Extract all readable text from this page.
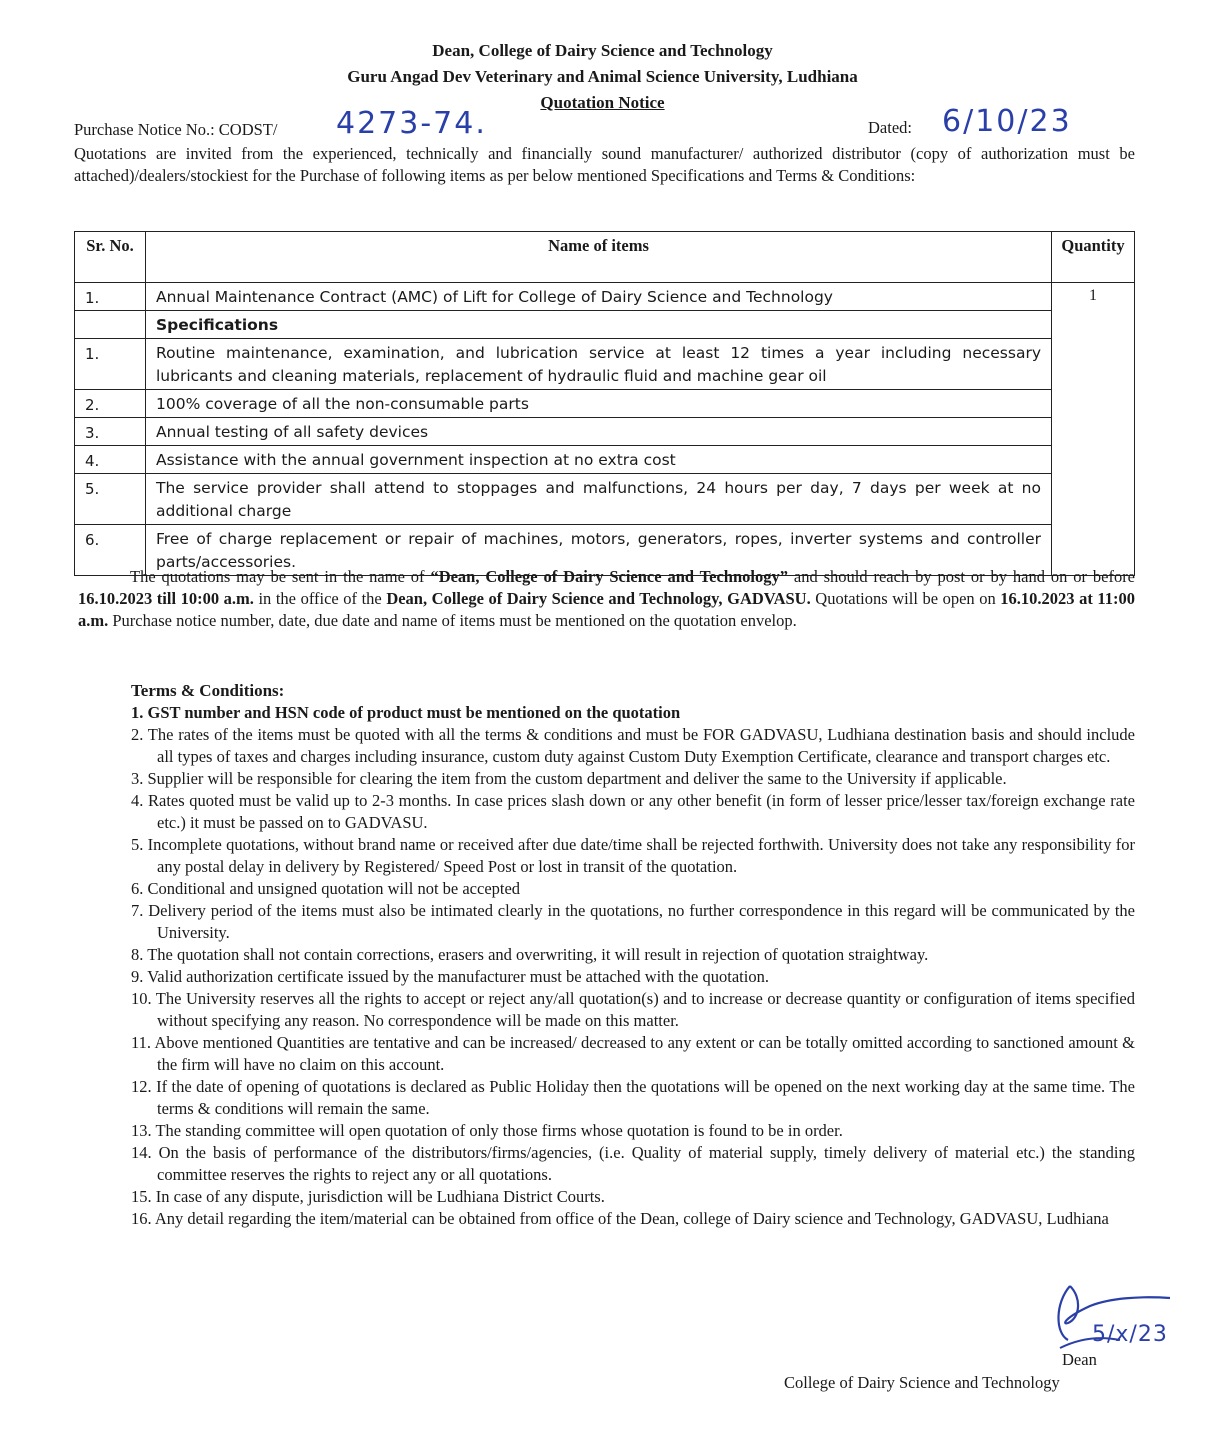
Dean, College of Dairy Science and Technology
Guru Angad Dev Veterinary and Animal Science University, Ludhiana
Quotation Notice
Purchase Notice No.: CODST/ 4273-74.	Dated: 6/10/23
Quotations are invited from the experienced, technically and financially sound manufacturer/ authorized distributor (copy of authorization must be attached)/dealers/stockiest for the Purchase of following items as per below mentioned Specifications and Terms & Conditions:
Sr. No.	Name of items	Quantity
1.	Annual Maintenance Contract (AMC) of Lift for College of Dairy Science and Technology	1
	Specifications	
1.	Routine maintenance, examination, and lubrication service at least 12 times a year including necessary lubricants and cleaning materials, replacement of hydraulic fluid and machine gear oil	
2.	100% coverage of all the non-consumable parts	
3.	Annual testing of all safety devices	
4.	Assistance with the annual government inspection at no extra cost	
5.	The service provider shall attend to stoppages and malfunctions, 24 hours per day, 7 days per week at no additional charge	
6.	Free of charge replacement or repair of machines, motors, generators, ropes, inverter systems and controller parts/accessories.	
The quotations may be sent in the name of “Dean, College of Dairy Science and Technology” and should reach by post or by hand on or before 16.10.2023 till 10:00 a.m. in the office of the Dean, College of Dairy Science and Technology, GADVASU. Quotations will be open on 16.10.2023 at 11:00 a.m. Purchase notice number, date, due date and name of items must be mentioned on the quotation envelop.
Terms & Conditions:
1. GST number and HSN code of product must be mentioned on the quotation
2. The rates of the items must be quoted with all the terms & conditions and must be FOR GADVASU, Ludhiana destination basis and should include all types of taxes and charges including insurance, custom duty against Custom Duty Exemption Certificate, clearance and transport charges etc.
3. Supplier will be responsible for clearing the item from the custom department and deliver the same to the University if applicable.
4. Rates quoted must be valid up to 2-3 months. In case prices slash down or any other benefit (in form of lesser price/lesser tax/foreign exchange rate etc.) it must be passed on to GADVASU.
5. Incomplete quotations, without brand name or received after due date/time shall be rejected forthwith. University does not take any responsibility for any postal delay in delivery by Registered/ Speed Post or lost in transit of the quotation.
6. Conditional and unsigned quotation will not be accepted
7. Delivery period of the items must also be intimated clearly in the quotations, no further correspondence in this regard will be communicated by the University.
8. The quotation shall not contain corrections, erasers and overwriting, it will result in rejection of quotation straightway.
9. Valid authorization certificate issued by the manufacturer must be attached with the quotation.
10. The University reserves all the rights to accept or reject any/all quotation(s) and to increase or decrease quantity or configuration of items specified without specifying any reason. No correspondence will be made on this matter.
11. Above mentioned Quantities are tentative and can be increased/ decreased to any extent or can be totally omitted according to sanctioned amount & the firm will have no claim on this account.
12. If the date of opening of quotations is declared as Public Holiday then the quotations will be opened on the next working day at the same time. The terms & conditions will remain the same.
13. The standing committee will open quotation of only those firms whose quotation is found to be in order.
14. On the basis of performance of the distributors/firms/agencies, (i.e. Quality of material supply, timely delivery of material etc.) the standing committee reserves the rights to reject any or all quotations.
15. In case of any dispute, jurisdiction will be Ludhiana District Courts.
16. Any detail regarding the item/material can be obtained from office of the Dean, college of Dairy science and Technology, GADVASU, Ludhiana
5/x/23
Dean
College of Dairy Science and Technology
